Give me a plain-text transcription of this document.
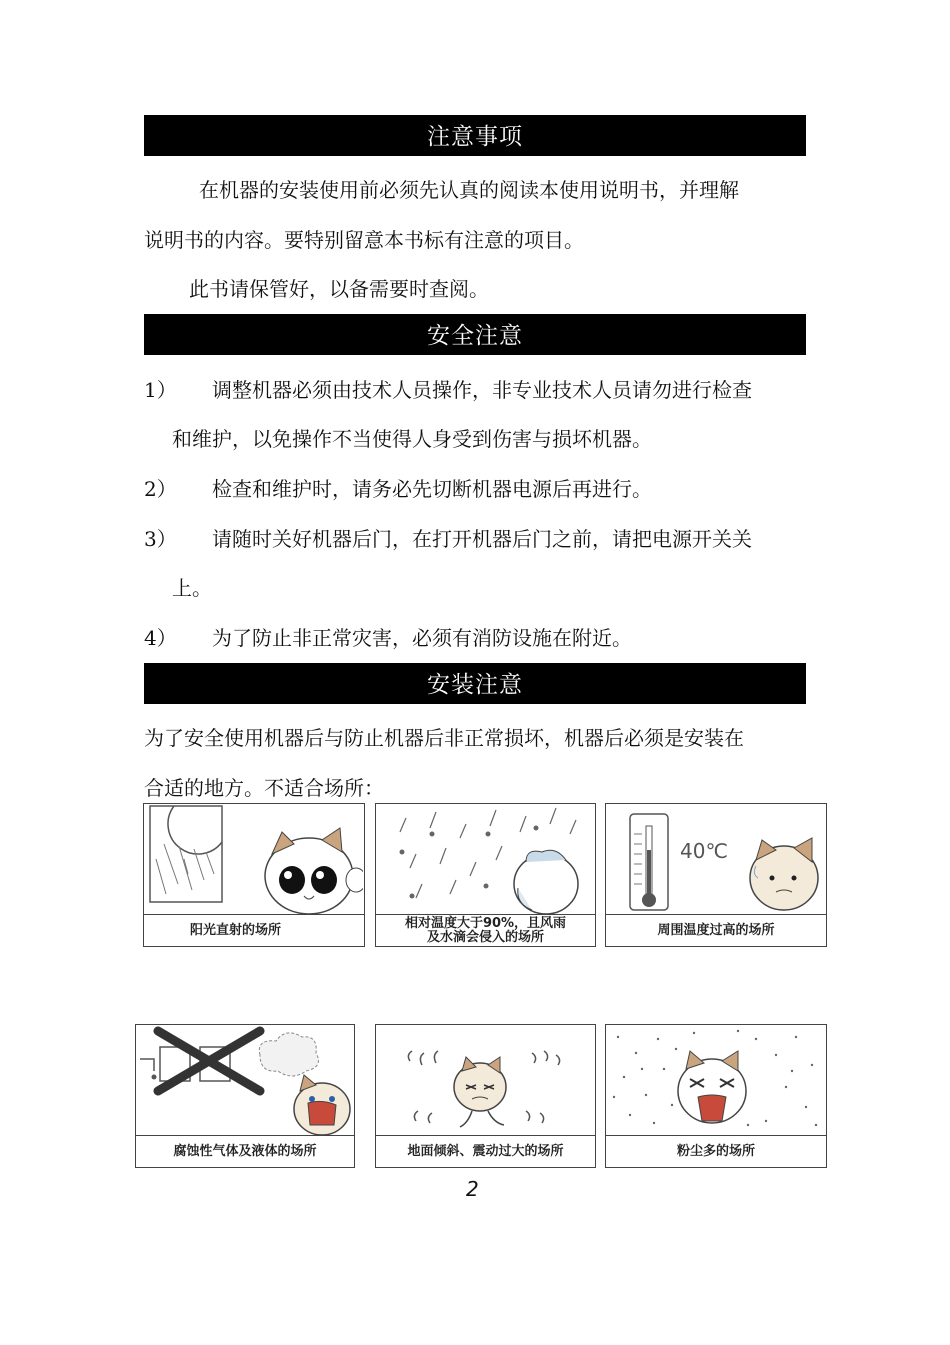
注意事项
在机器的安装使用前必须先认真的阅读本使用说明书，并理解
说明书的内容。要特别留意本书标有注意的项目。
此书请保管好，以备需要时查阅。
安全注意
1） 调整机器必须由技术人员操作，非专业技术人员请勿进行检查
和维护，以免操作不当使得人身受到伤害与损坏机器。
2） 检查和维护时，请务必先切断机器电源后再进行。
3） 请随时关好机器后门，在打开机器后门之前，请把电源开关关
上。
4） 为了防止非正常灾害，必须有消防设施在附近。
安装注意
为了安全使用机器后与防止机器后非正常损坏，机器后必须是安装在
合适的地方。不适合场所：
阳光直射的场所	相对温度大于90%，且风雨
及水滴会侵入的场所
40℃
周围温度过高的场所
腐蚀性气体及液体的场所	地面倾斜、震动过大的场所	粉尘多的场所
2
